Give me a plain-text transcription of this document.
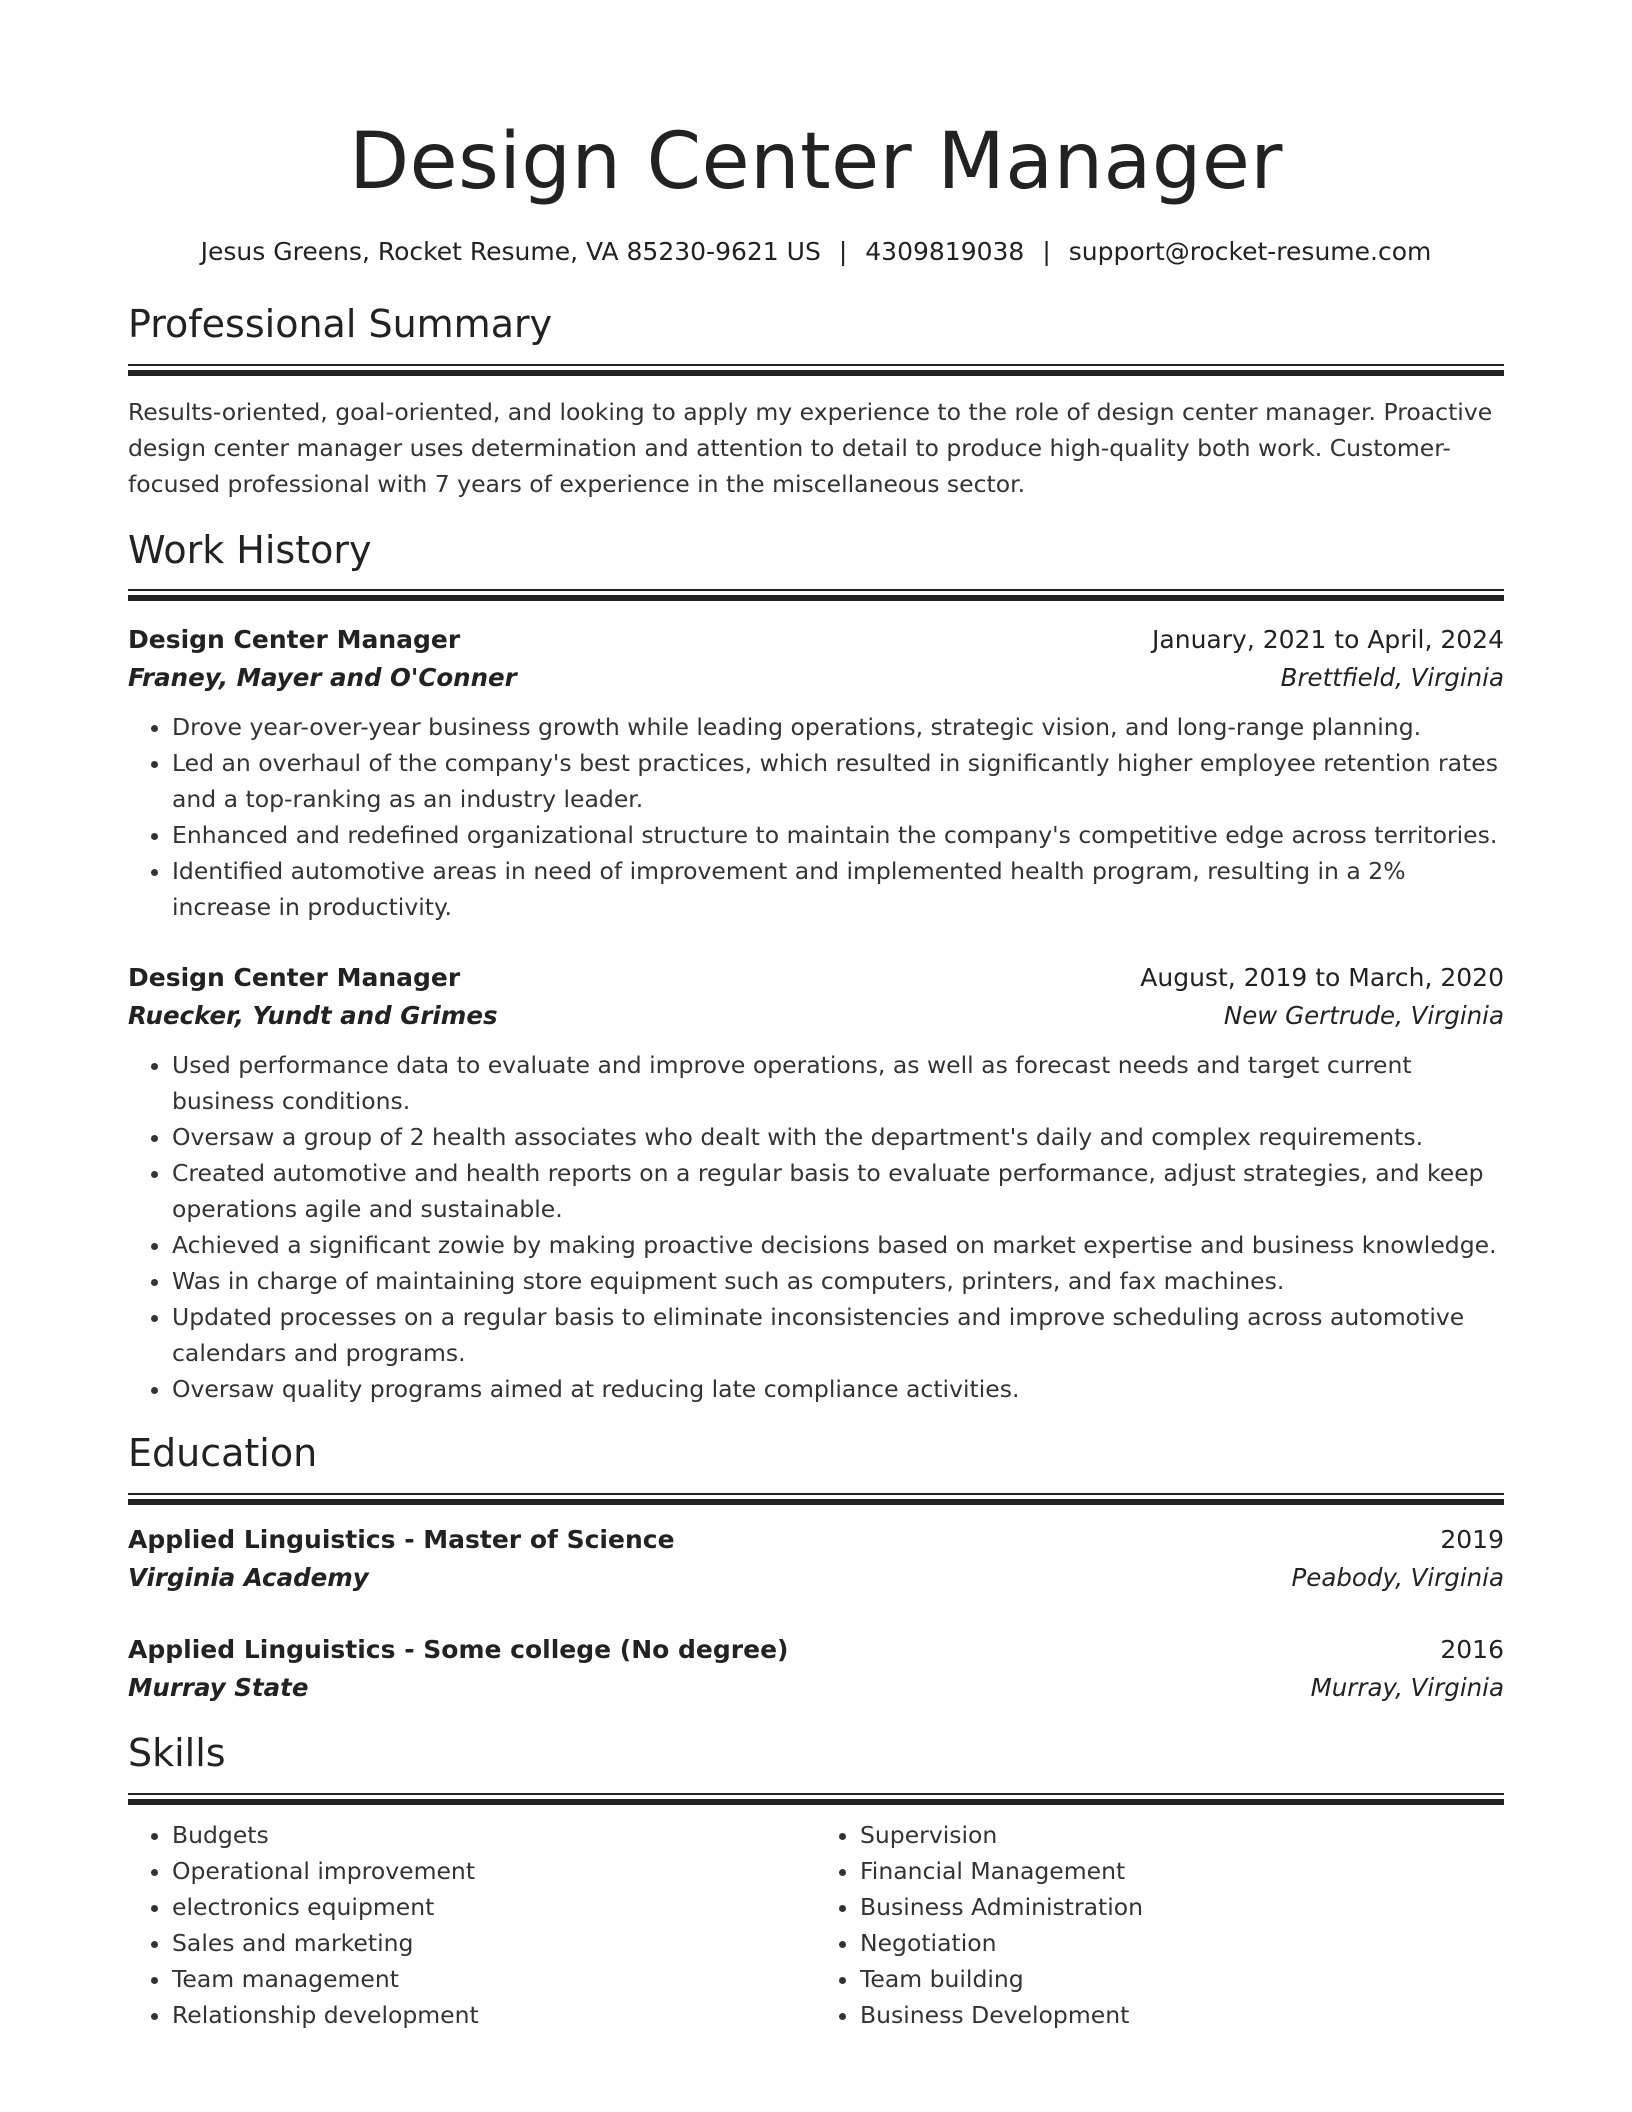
Design Center Manager
Jesus Greens, Rocket Resume, VA 85230-9621 US | 4309819038 | support@rocket-resume.com
Professional Summary
Results-oriented, goal-oriented, and looking to apply my experience to the role of design center manager. Proactive design center manager uses determination and attention to detail to produce high-quality both work. Customer-focused professional with 7 years of experience in the miscellaneous sector.
Work History
Design Center Manager	January, 2021 to April, 2024
Franey, Mayer and O'Conner	Brettfield, Virginia
• Drove year-over-year business growth while leading operations, strategic vision, and long-range planning.
• Led an overhaul of the company's best practices, which resulted in significantly higher employee retention rates and a top-ranking as an industry leader.
• Enhanced and redefined organizational structure to maintain the company's competitive edge across territories.
• Identified automotive areas in need of improvement and implemented health program, resulting in a 2% increase in productivity.
Design Center Manager	August, 2019 to March, 2020
Ruecker, Yundt and Grimes	New Gertrude, Virginia
• Used performance data to evaluate and improve operations, as well as forecast needs and target current business conditions.
• Oversaw a group of 2 health associates who dealt with the department's daily and complex requirements.
• Created automotive and health reports on a regular basis to evaluate performance, adjust strategies, and keep operations agile and sustainable.
• Achieved a significant zowie by making proactive decisions based on market expertise and business knowledge.
• Was in charge of maintaining store equipment such as computers, printers, and fax machines.
• Updated processes on a regular basis to eliminate inconsistencies and improve scheduling across automotive calendars and programs.
• Oversaw quality programs aimed at reducing late compliance activities.
Education
Applied Linguistics - Master of Science	2019
Virginia Academy	Peabody, Virginia
Applied Linguistics - Some college (No degree)	2016
Murray State	Murray, Virginia
Skills
• Budgets
• Operational improvement
• electronics equipment
• Sales and marketing
• Team management
• Relationship development
• Supervision
• Financial Management
• Business Administration
• Negotiation
• Team building
• Business Development
